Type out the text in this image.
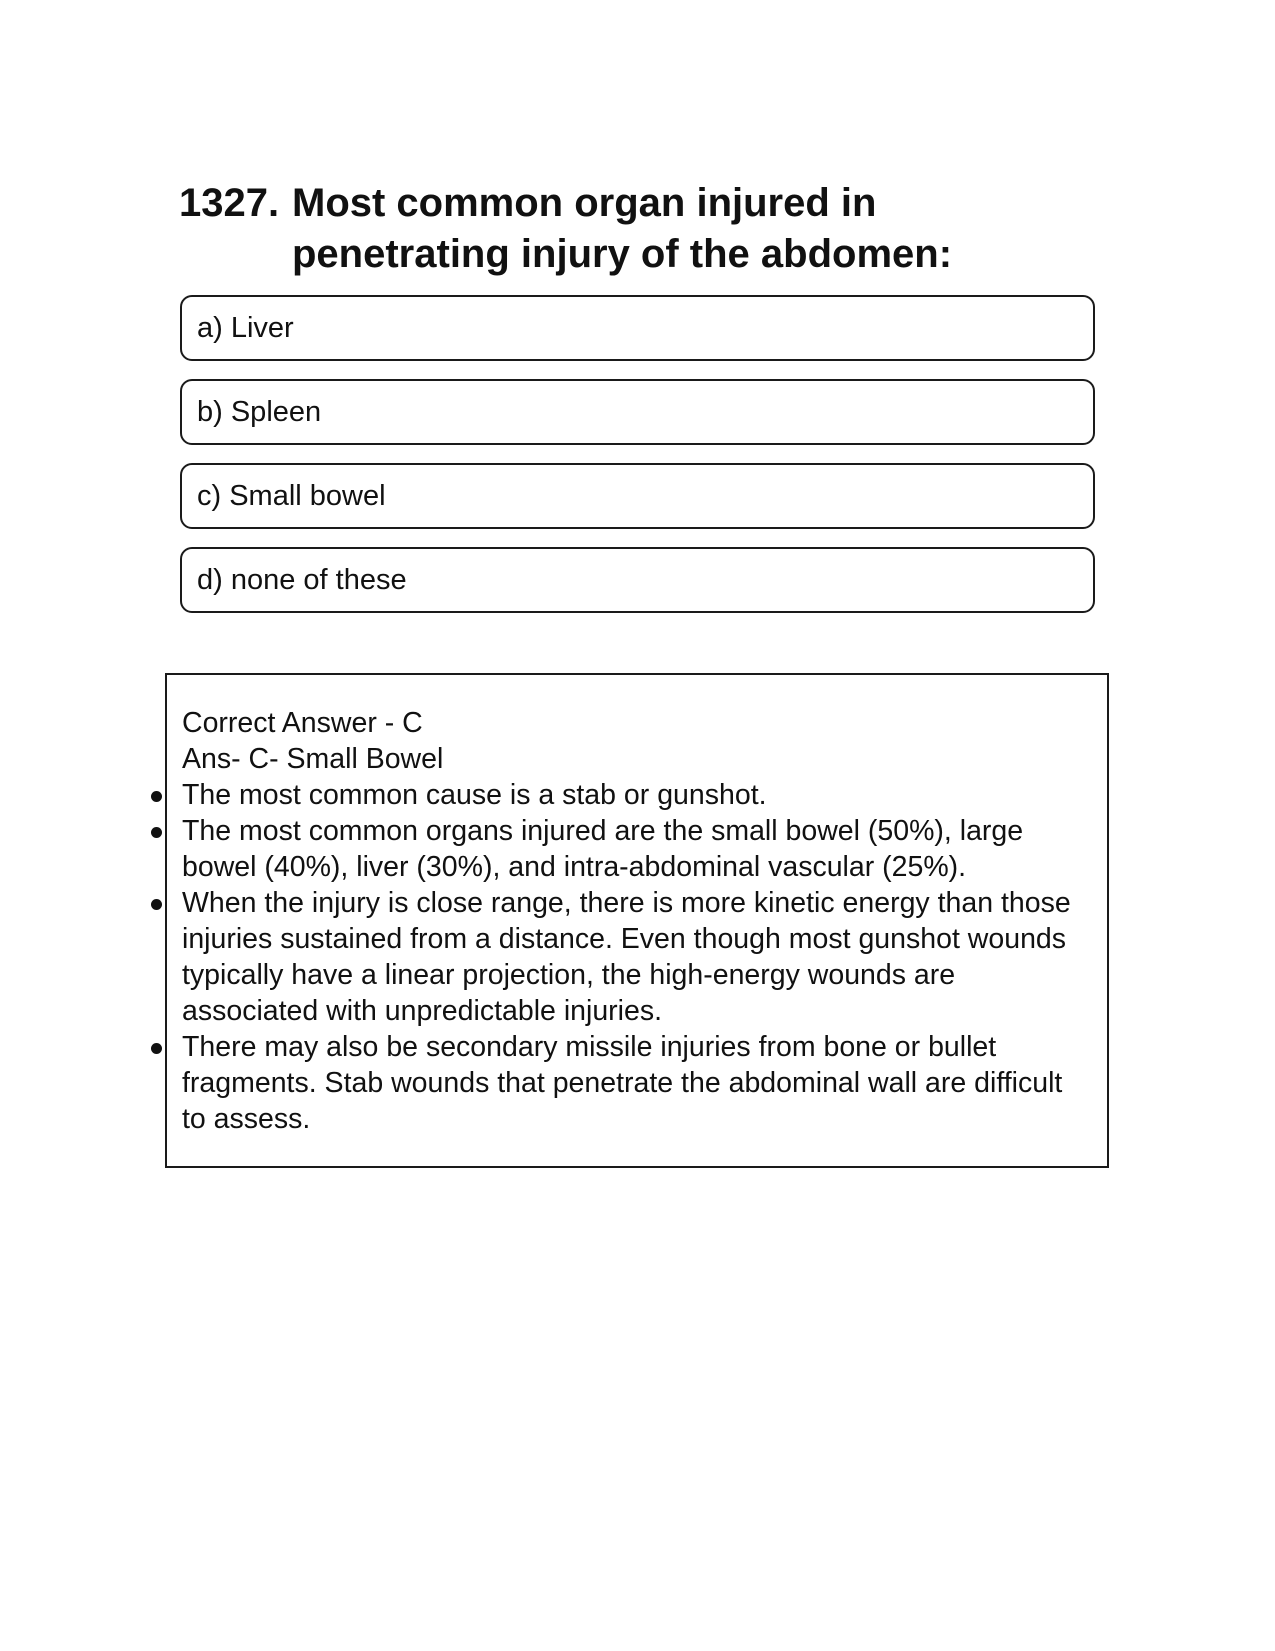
1327. Most common organ injured in penetrating injury of the abdomen:
a) Liver
b) Spleen
c) Small bowel
d) none of these
Correct Answer - C
Ans- C- Small Bowel
The most common cause is a stab or gunshot.
The most common organs injured are the small bowel (50%), large bowel (40%), liver (30%), and intra-abdominal vascular (25%).
When the injury is close range, there is more kinetic energy than those injuries sustained from a distance. Even though most gunshot wounds typically have a linear projection, the high-energy wounds are associated with unpredictable injuries.
There may also be secondary missile injuries from bone or bullet fragments. Stab wounds that penetrate the abdominal wall are difficult to assess.
